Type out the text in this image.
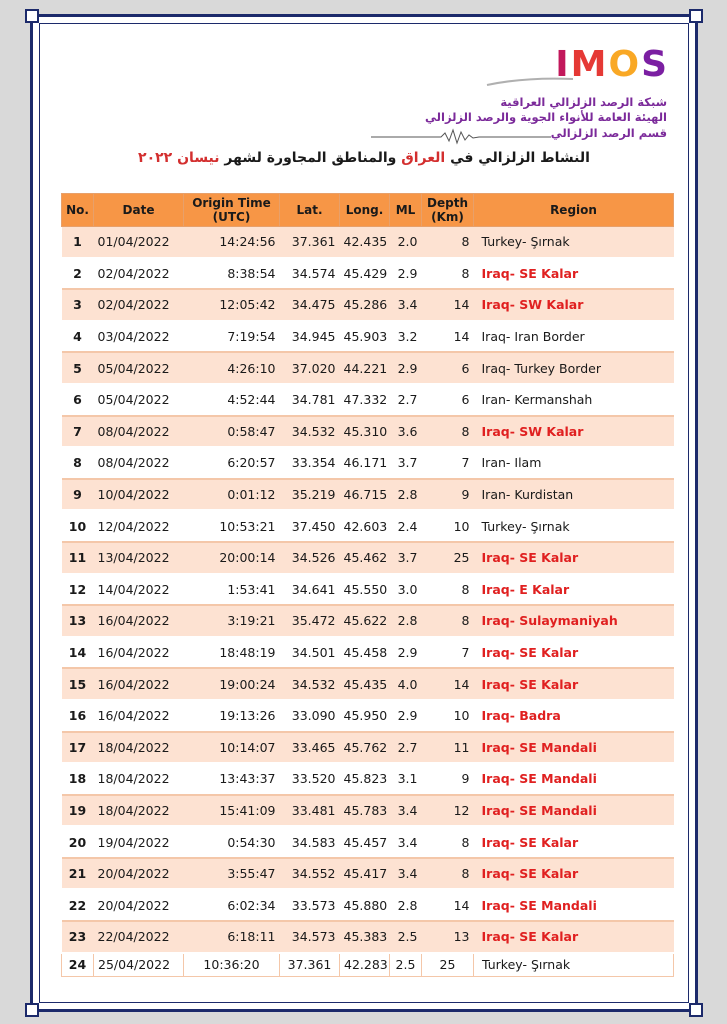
IMOS
شبكة الرصد الزلزالي العراقية
الهيئة العامة للأنواء الجوية والرصد الزلزالي
قسم الرصد الزلزالي
النشاط الزلزالي في العراق والمناطق المجاورة لشهر نيسان ٢٠٢٢
No.	Date	Origin Time (UTC)	Lat.	Long.	ML	Depth (Km)	Region
1	01/04/2022	14:24:56	37.361	42.435	2.0	8	Turkey- Şırnak
2	02/04/2022	8:38:54	34.574	45.429	2.9	8	Iraq- SE Kalar
3	02/04/2022	12:05:42	34.475	45.286	3.4	14	Iraq- SW Kalar
4	03/04/2022	7:19:54	34.945	45.903	3.2	14	Iraq- Iran Border
5	05/04/2022	4:26:10	37.020	44.221	2.9	6	Iraq- Turkey Border
6	05/04/2022	4:52:44	34.781	47.332	2.7	6	Iran- Kermanshah
7	08/04/2022	0:58:47	34.532	45.310	3.6	8	Iraq- SW Kalar
8	08/04/2022	6:20:57	33.354	46.171	3.7	7	Iran- Ilam
9	10/04/2022	0:01:12	35.219	46.715	2.8	9	Iran- Kurdistan
10	12/04/2022	10:53:21	37.450	42.603	2.4	10	Turkey- Şırnak
11	13/04/2022	20:00:14	34.526	45.462	3.7	25	Iraq- SE Kalar
12	14/04/2022	1:53:41	34.641	45.550	3.0	8	Iraq- E Kalar
13	16/04/2022	3:19:21	35.472	45.622	2.8	8	Iraq- Sulaymaniyah
14	16/04/2022	18:48:19	34.501	45.458	2.9	7	Iraq- SE Kalar
15	16/04/2022	19:00:24	34.532	45.435	4.0	14	Iraq- SE Kalar
16	16/04/2022	19:13:26	33.090	45.950	2.9	10	Iraq- Badra
17	18/04/2022	10:14:07	33.465	45.762	2.7	11	Iraq- SE Mandali
18	18/04/2022	13:43:37	33.520	45.823	3.1	9	Iraq- SE Mandali
19	18/04/2022	15:41:09	33.481	45.783	3.4	12	Iraq- SE Mandali
20	19/04/2022	0:54:30	34.583	45.457	3.4	8	Iraq- SE Kalar
21	20/04/2022	3:55:47	34.552	45.417	3.4	8	Iraq- SE Kalar
22	20/04/2022	6:02:34	33.573	45.880	2.8	14	Iraq- SE Mandali
23	22/04/2022	6:18:11	34.573	45.383	2.5	13	Iraq- SE Kalar
24	25/04/2022	10:36:20	37.361	42.283	2.5	25	Turkey- Şırnak
